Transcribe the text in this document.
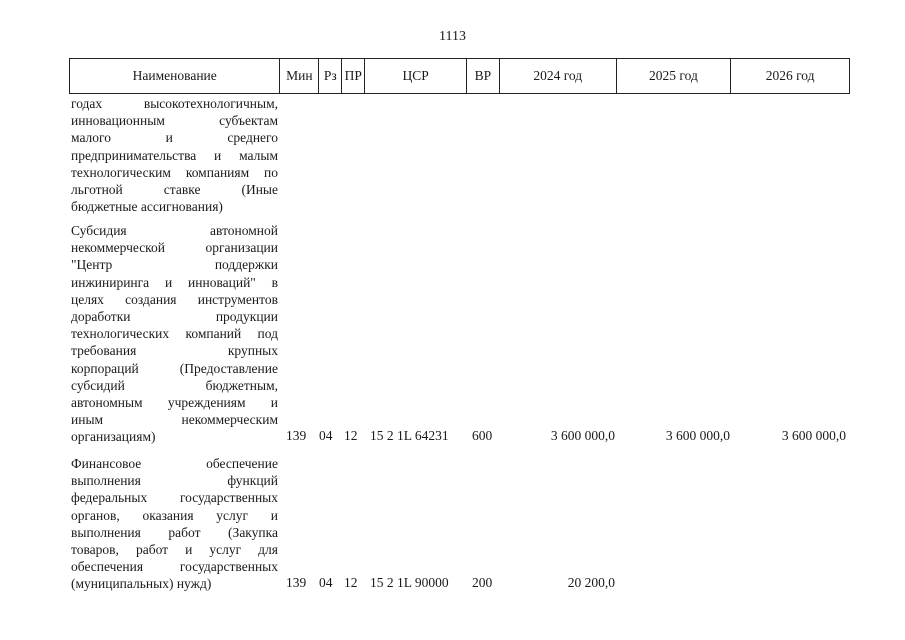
1113
Наименование	Мин Рз ПР	ЦСР	ВР	2024 год	2025 год	2026 год
годах высокотехнологичным,
инновационным субъектам
малого и среднего
предпринимательства и малым
технологическим компаниям по
льготной ставке (Иные
бюджетные ассигнования)
Субсидия автономной
некоммерческой организации
"Центр поддержки
инжиниринга и инноваций" в
целях создания инструментов
доработки продукции
технологических компаний под
требования крупных
корпораций (Предоставление
субсидий бюджетным,
автономным учреждениям и
иным некоммерческим
организациям)	139 04 12 15 2 1L 64231	600	3 600 000,0	3 600 000,0	3 600 000,0
Финансовое обеспечение
выполнения функций
федеральных государственных
органов, оказания услуг и
выполнения работ (Закупка
товаров, работ и услуг для
обеспечения государственных
(муниципальных) нужд)	139 04 12 15 2 1L 90000	200	20 200,0
